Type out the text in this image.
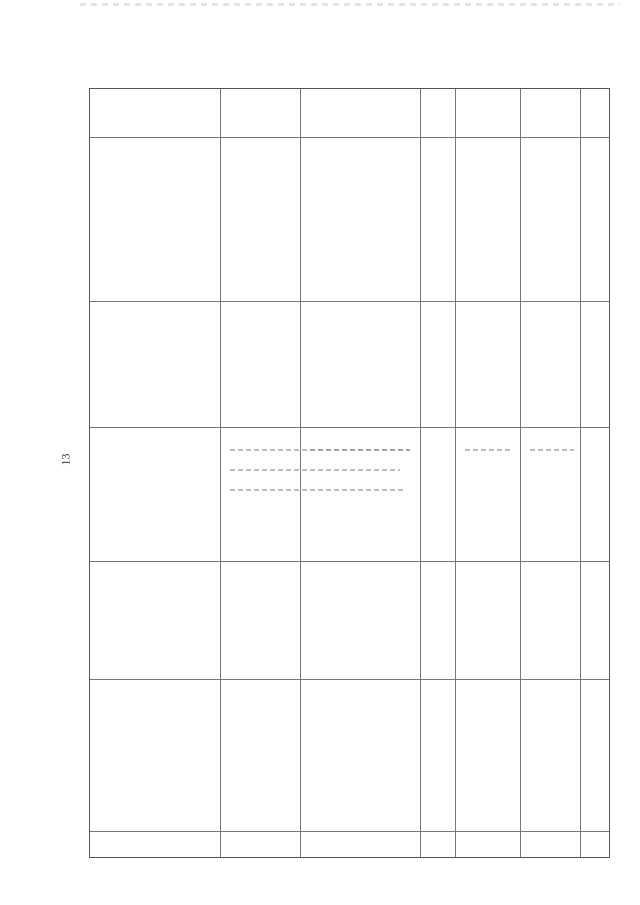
13
